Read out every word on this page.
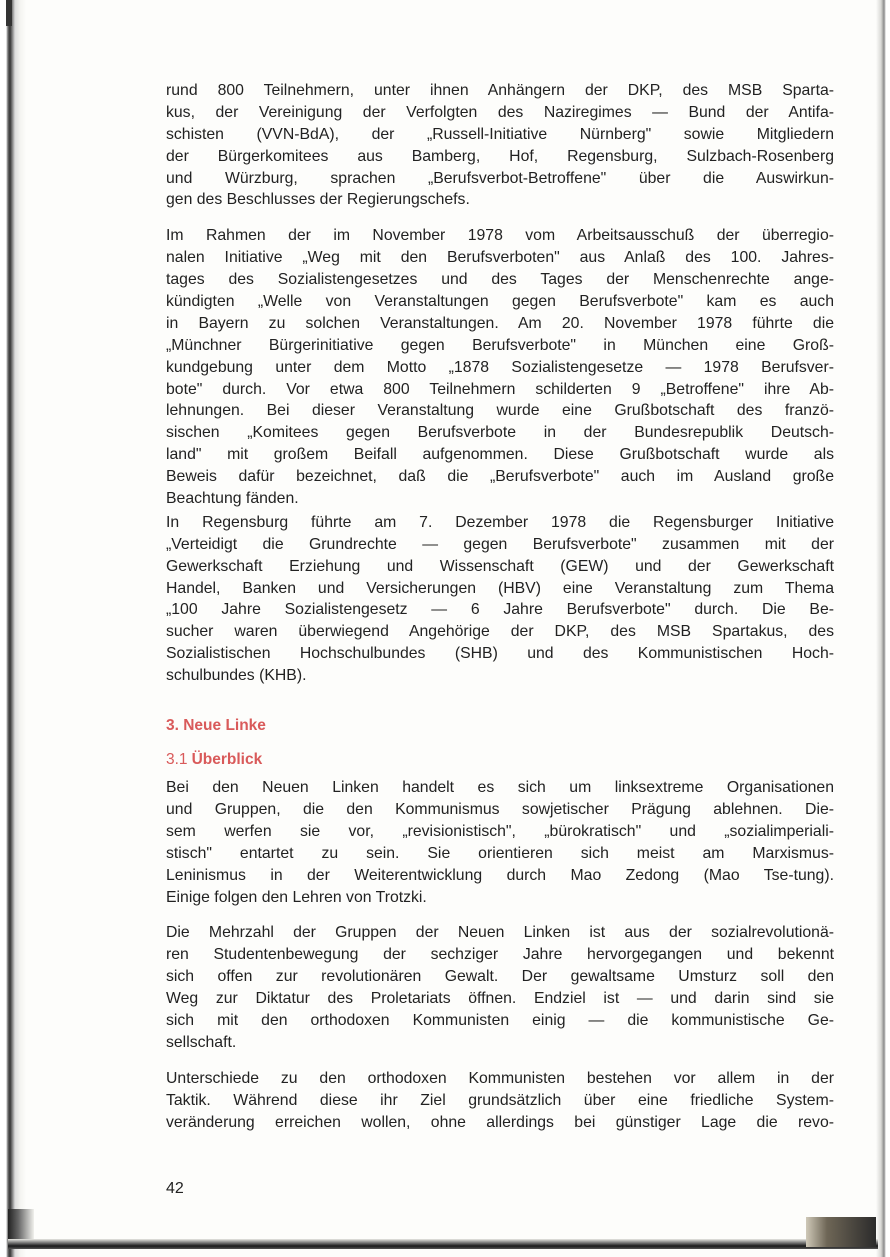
rund 800 Teilnehmern, unter ihnen Anhängern der DKP, des MSB Sparta-
kus, der Vereinigung der Verfolgten des Naziregimes — Bund der Antifa-
schisten (VVN-BdA), der „Russell-Initiative Nürnberg" sowie Mitgliedern
der Bürgerkomitees aus Bamberg, Hof, Regensburg, Sulzbach-Rosenberg
und Würzburg, sprachen „Berufsverbot-Betroffene" über die Auswirkun-
gen des Beschlusses der Regierungschefs.
Im Rahmen der im November 1978 vom Arbeitsausschuß der überregio-
nalen Initiative „Weg mit den Berufsverboten" aus Anlaß des 100. Jahres-
tages des Sozialistengesetzes und des Tages der Menschenrechte ange-
kündigten „Welle von Veranstaltungen gegen Berufsverbote" kam es auch
in Bayern zu solchen Veranstaltungen. Am 20. November 1978 führte die
„Münchner Bürgerinitiative gegen Berufsverbote" in München eine Groß-
kundgebung unter dem Motto „1878 Sozialistengesetze — 1978 Berufsver-
bote" durch. Vor etwa 800 Teilnehmern schilderten 9 „Betroffene" ihre Ab-
lehnungen. Bei dieser Veranstaltung wurde eine Grußbotschaft des franzö-
sischen „Komitees gegen Berufsverbote in der Bundesrepublik Deutsch-
land" mit großem Beifall aufgenommen. Diese Grußbotschaft wurde als
Beweis dafür bezeichnet, daß die „Berufsverbote" auch im Ausland große
Beachtung fänden.
In Regensburg führte am 7. Dezember 1978 die Regensburger Initiative
„Verteidigt die Grundrechte — gegen Berufsverbote" zusammen mit der
Gewerkschaft Erziehung und Wissenschaft (GEW) und der Gewerkschaft
Handel, Banken und Versicherungen (HBV) eine Veranstaltung zum Thema
„100 Jahre Sozialistengesetz — 6 Jahre Berufsverbote" durch. Die Be-
sucher waren überwiegend Angehörige der DKP, des MSB Spartakus, des
Sozialistischen Hochschulbundes (SHB) und des Kommunistischen Hoch-
schulbundes (KHB).
3. Neue Linke
3.1 Überblick
Bei den Neuen Linken handelt es sich um linksextreme Organisationen
und Gruppen, die den Kommunismus sowjetischer Prägung ablehnen. Die-
sem werfen sie vor, „revisionistisch", „bürokratisch" und „sozialimperiali-
stisch" entartet zu sein. Sie orientieren sich meist am Marxismus-
Leninismus in der Weiterentwicklung durch Mao Zedong (Mao Tse-tung).
Einige folgen den Lehren von Trotzki.
Die Mehrzahl der Gruppen der Neuen Linken ist aus der sozialrevolutionä-
ren Studentenbewegung der sechziger Jahre hervorgegangen und bekennt
sich offen zur revolutionären Gewalt. Der gewaltsame Umsturz soll den
Weg zur Diktatur des Proletariats öffnen. Endziel ist — und darin sind sie
sich mit den orthodoxen Kommunisten einig — die kommunistische Ge-
sellschaft.
Unterschiede zu den orthodoxen Kommunisten bestehen vor allem in der
Taktik. Während diese ihr Ziel grundsätzlich über eine friedliche System-
veränderung erreichen wollen, ohne allerdings bei günstiger Lage die revo-
42
